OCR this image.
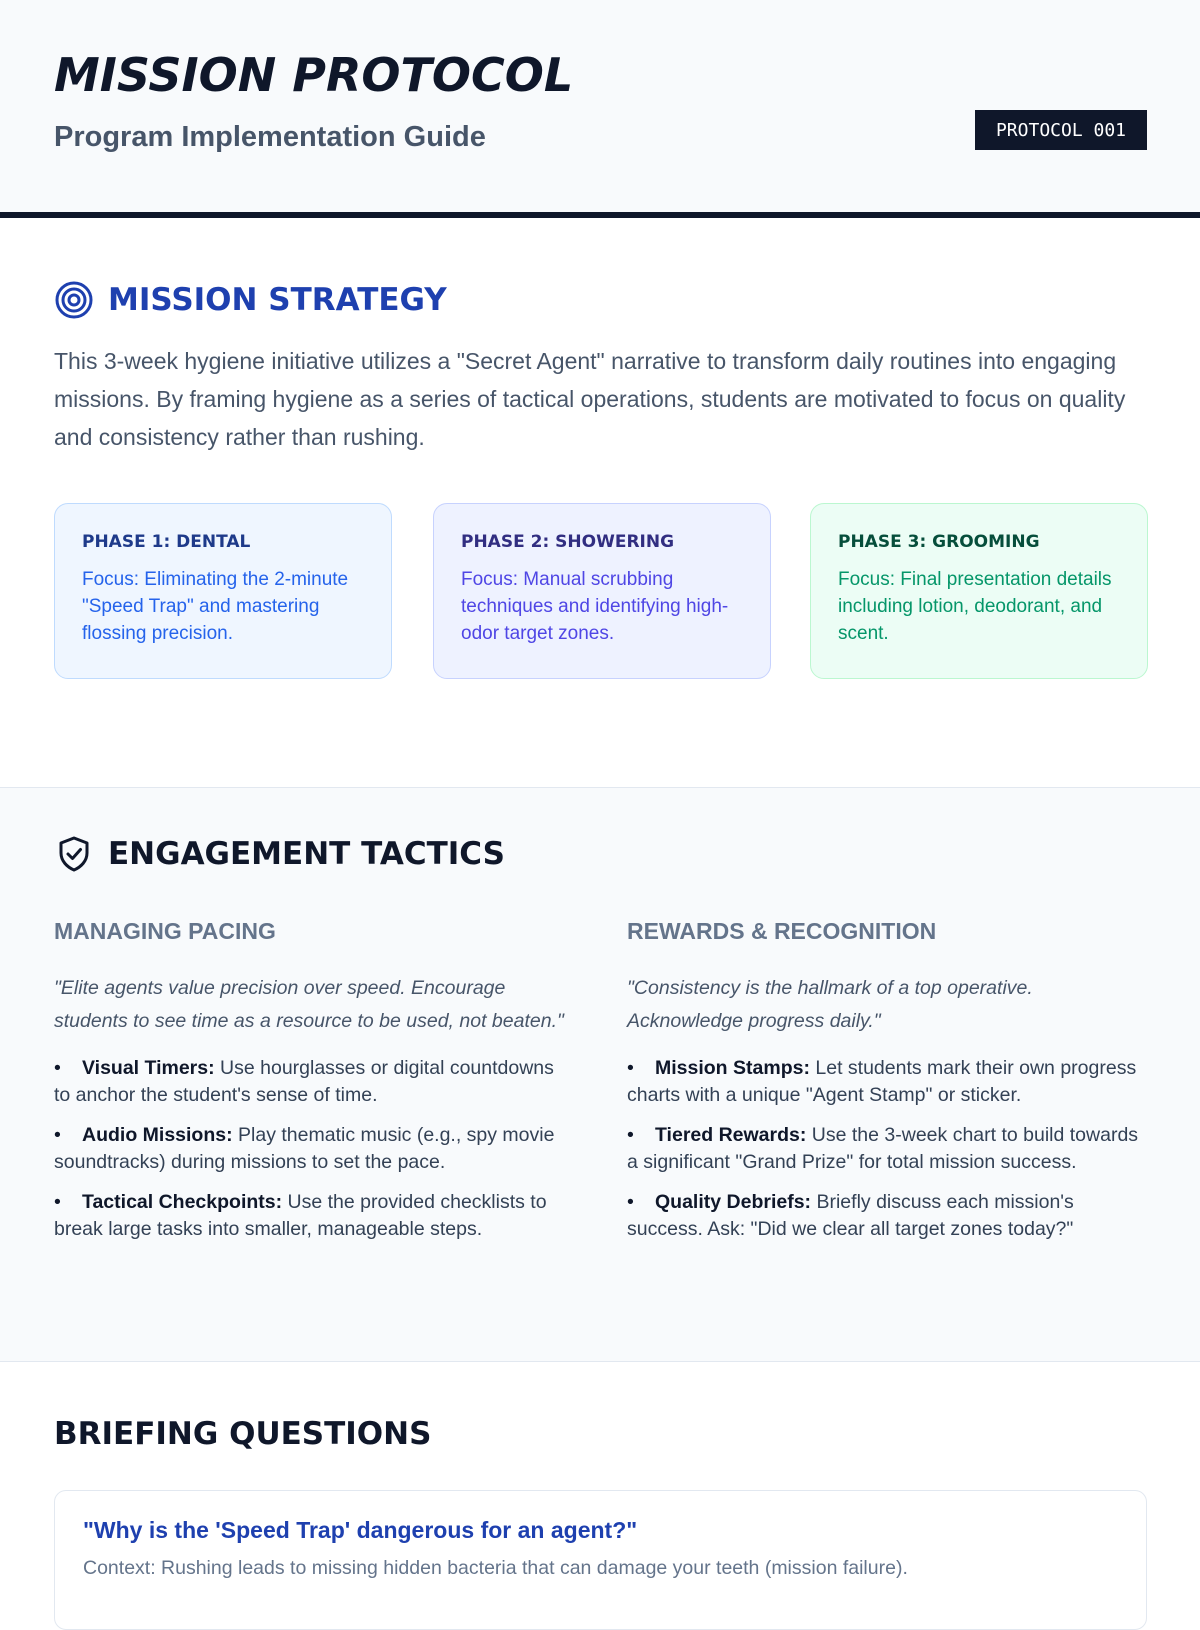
MISSION PROTOCOL
Program Implementation Guide	PROTOCOL 001
MISSION STRATEGY

This 3-week hygiene initiative utilizes a "Secret Agent" narrative to transform daily routines into engaging missions. By framing hygiene as a series of tactical operations, students are motivated to focus on quality and consistency rather than rushing.

PHASE 1: DENTAL

Focus: Eliminating the 2-minute "Speed Trap" and mastering flossing precision.

PHASE 2: SHOWERING

Focus: Manual scrubbing techniques and identifying high-odor target zones.

PHASE 3: GROOMING

Focus: Final presentation details including lotion, deodorant, and scent.

ENGAGEMENT TACTICS
MANAGING PACING

"Elite agents value precision over speed. Encourage students to see time as a resource to be used, not beaten."

• Visual Timers: Use hourglasses or digital countdowns to anchor the student's sense of time.
• Audio Missions: Play thematic music (e.g., spy movie soundtracks) during missions to set the pace.
• Tactical Checkpoints: Use the provided checklists to break large tasks into smaller, manageable steps.
REWARDS & RECOGNITION

"Consistency is the hallmark of a top operative. Acknowledge progress daily."

• Mission Stamps: Let students mark their own progress charts with a unique "Agent Stamp" or sticker.
• Tiered Rewards: Use the 3-week chart to build towards a significant "Grand Prize" for total mission success.
• Quality Debriefs: Briefly discuss each mission's success. Ask: "Did we clear all target zones today?"
BRIEFING QUESTIONS
"Why is the 'Speed Trap' dangerous for an agent?"
Context: Rushing leads to missing hidden bacteria that can damage your teeth (mission failure).
